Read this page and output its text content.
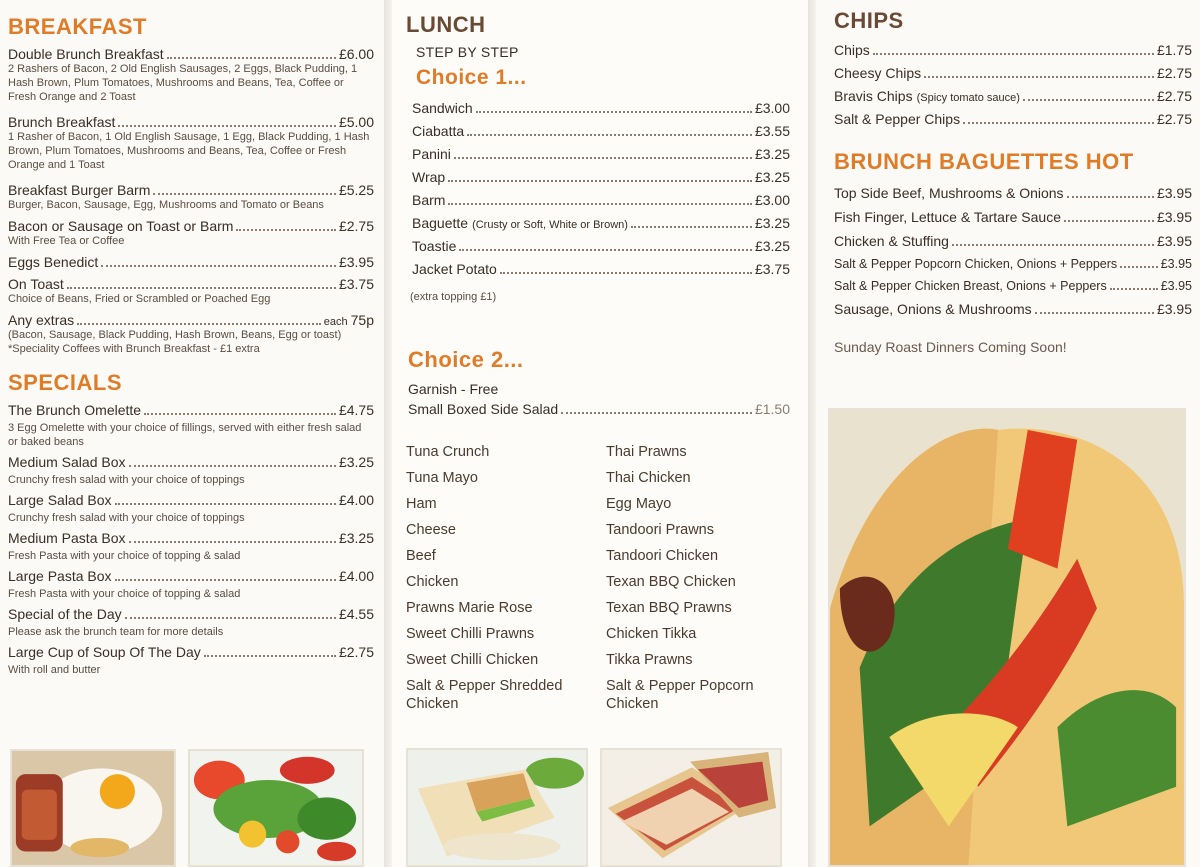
BREAKFAST
Double Brunch Breakfast	£6.00
2 Rashers of Bacon, 2 Old English Sausages, 2 Eggs, Black Pudding, 1 Hash Brown, Plum Tomatoes, Mushrooms and Beans, Tea, Coffee or Fresh Orange and 2 Toast
Brunch Breakfast	£5.00
1 Rasher of Bacon, 1 Old English Sausage, 1 Egg, Black Pudding, 1 Hash Brown, Plum Tomatoes, Mushrooms and Beans, Tea, Coffee or Fresh Orange and 1 Toast
Breakfast Burger Barm	£5.25
Burger, Bacon, Sausage, Egg, Mushrooms and Tomato or Beans
Bacon or Sausage on Toast or Barm	£2.75
With Free Tea or Coffee
Eggs Benedict	£3.95
On Toast	£3.75
Choice of Beans, Fried or Scrambled or Poached Egg
Any extras	each 75p
(Bacon, Sausage, Black Pudding, Hash Brown, Beans, Egg or toast)
*Speciality Coffees with Brunch Breakfast - £1 extra
SPECIALS
The Brunch Omelette	£4.75
3 Egg Omelette with your choice of fillings, served with either fresh salad or baked beans
Medium Salad Box	£3.25
Crunchy fresh salad with your choice of toppings
Large Salad Box	£4.00
Crunchy fresh salad with your choice of toppings
Medium Pasta Box	£3.25
Fresh Pasta with your choice of topping & salad
Large Pasta Box	£4.00
Fresh Pasta with your choice of topping & salad
Special of the Day	£4.55
Please ask the brunch team for more details
Large Cup of Soup Of The Day	£2.75
With roll and butter
LUNCH
STEP BY STEP
Choice 1...
Sandwich	£3.00
Ciabatta	£3.55
Panini	£3.25
Wrap	£3.25
Barm	£3.00
Baguette (Crusty or Soft, White or Brown)	£3.25
Toastie	£3.25
Jacket Potato	£3.75
(extra topping £1)
Choice 2...
Garnish - Free
Small Boxed Side Salad	£1.50
Tuna Crunch
Tuna Mayo
Ham
Cheese
Beef
Chicken
Prawns Marie Rose
Sweet Chilli Prawns
Sweet Chilli Chicken
Salt & Pepper Shredded Chicken
Thai Prawns
Thai Chicken
Egg Mayo
Tandoori Prawns
Tandoori Chicken
Texan BBQ Chicken
Texan BBQ Prawns
Chicken Tikka
Tikka Prawns
Salt & Pepper Popcorn Chicken
CHIPS
Chips	£1.75
Cheesy Chips	£2.75
Bravis Chips (Spicy tomato sauce)	£2.75
Salt & Pepper Chips	£2.75
BRUNCH BAGUETTES HOT
Top Side Beef, Mushrooms & Onions	£3.95
Fish Finger, Lettuce & Tartare Sauce	£3.95
Chicken & Stuffing	£3.95
Salt & Pepper Popcorn Chicken, Onions + Peppers	£3.95
Salt & Pepper Chicken Breast, Onions + Peppers	£3.95
Sausage, Onions & Mushrooms	£3.95
Sunday Roast Dinners Coming Soon!
